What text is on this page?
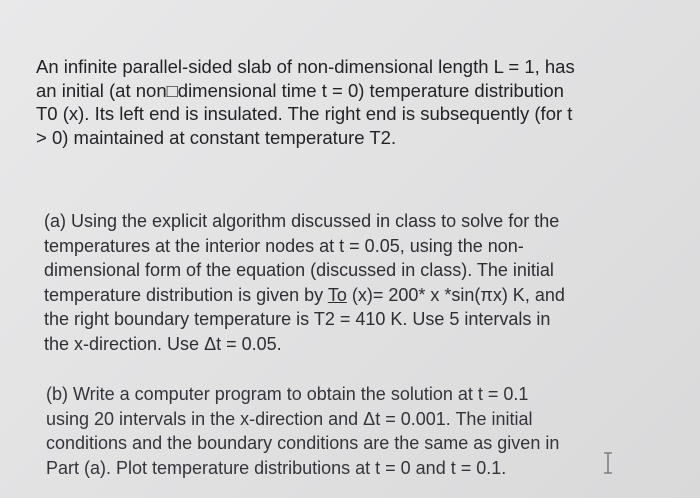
An infinite parallel-sided slab of non-dimensional length L = 1, has
an initial (at non□dimensional time t = 0) temperature distribution
T0 (x). Its left end is insulated. The right end is subsequently (for t
> 0) maintained at constant temperature T2.
(a) Using the explicit algorithm discussed in class to solve for the
temperatures at the interior nodes at t = 0.05, using the non-
dimensional form of the equation (discussed in class). The initial
temperature distribution is given by To (x)= 200* x *sin(πx) K, and
the right boundary temperature is T2 = 410 K. Use 5 intervals in
the x-direction. Use Δt = 0.05.
(b) Write a computer program to obtain the solution at t = 0.1
using 20 intervals in the x-direction and Δt = 0.001. The initial
conditions and the boundary conditions are the same as given in
Part (a). Plot temperature distributions at t = 0 and t = 0.1.
